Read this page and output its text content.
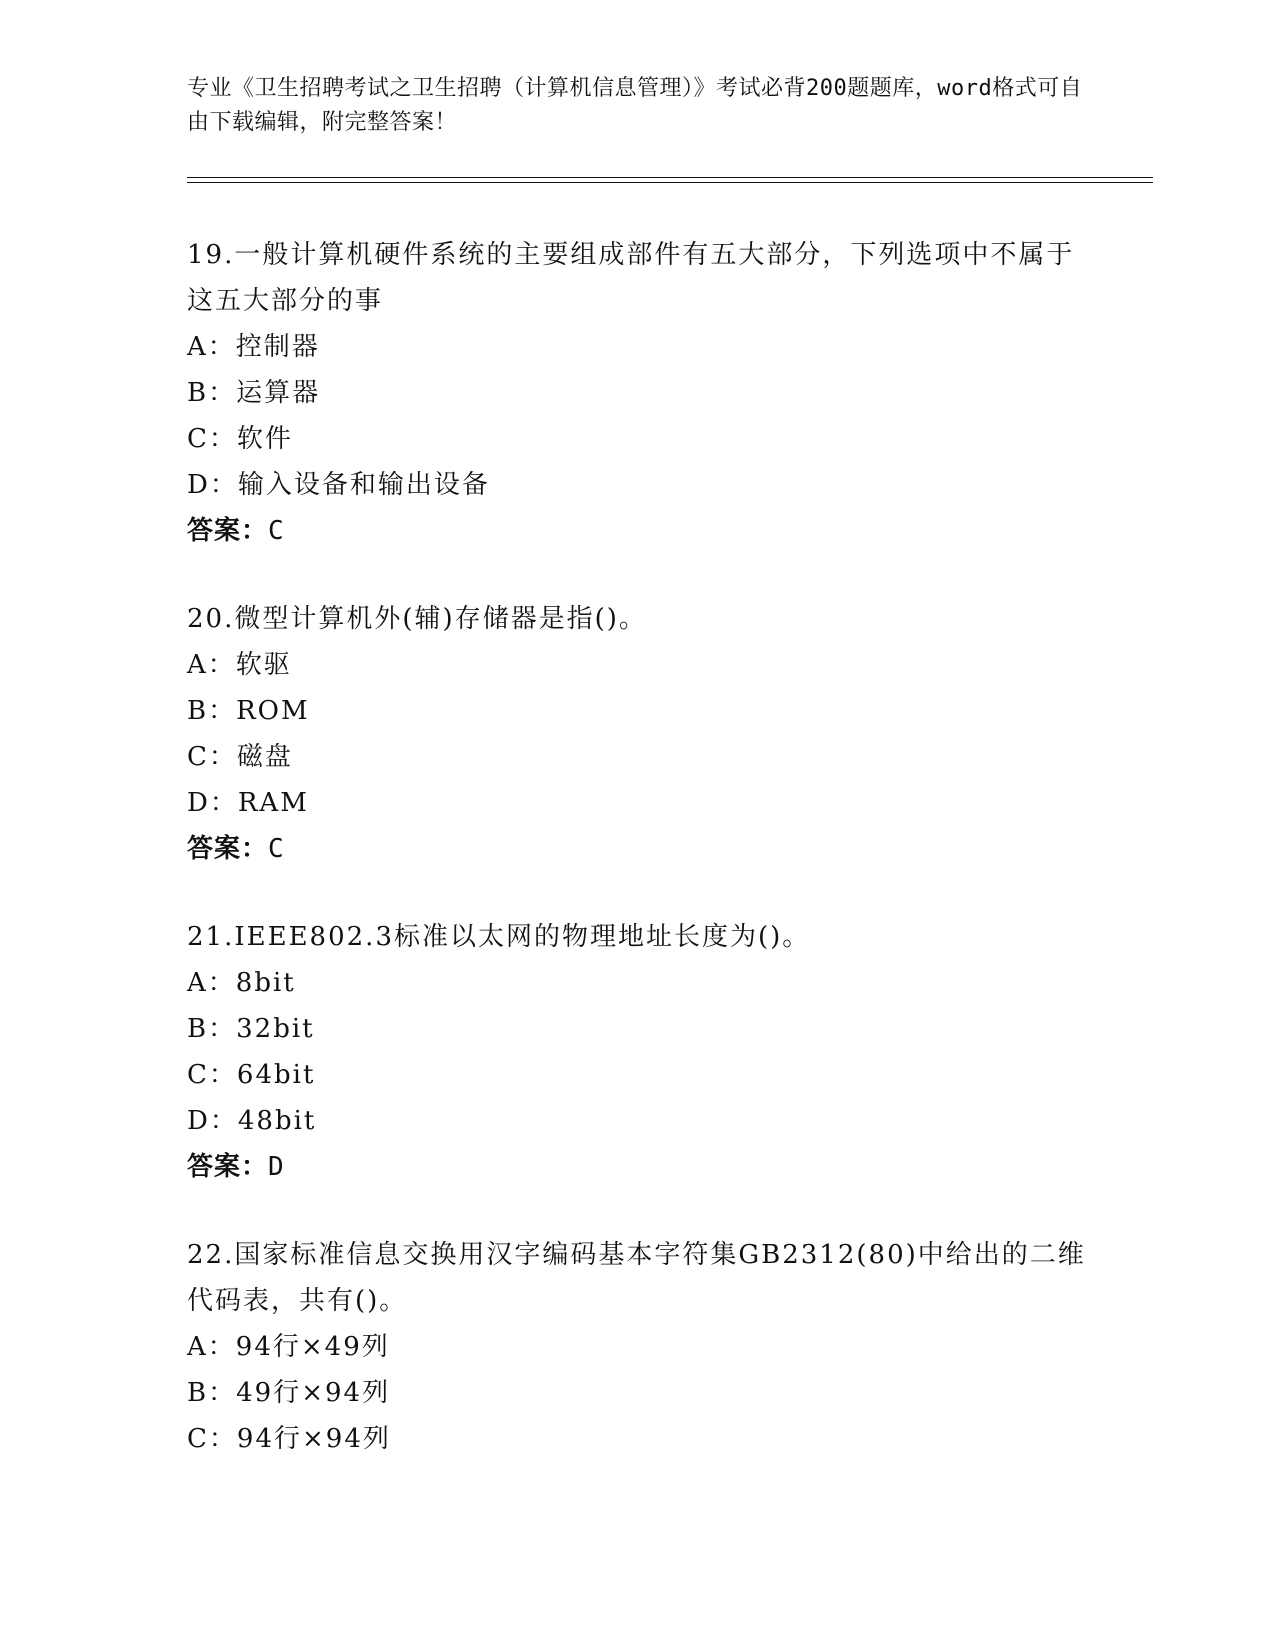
专业《卫生招聘考试之卫生招聘（计算机信息管理）》考试必背200题题库，word格式可自由下载编辑，附完整答案！
19.一般计算机硬件系统的主要组成部件有五大部分，下列选项中不属于这五大部分的事
A：控制器
B：运算器
C：软件
D：输入设备和输出设备
答案：C
20.微型计算机外(辅)存储器是指()。
A：软驱
B：ROM
C：磁盘
D：RAM
答案：C
21.IEEE802.3标准以太网的物理地址长度为()。
A：8bit
B：32bit
C：64bit
D：48bit
答案：D
22.国家标准信息交换用汉字编码基本字符集GB2312(80)中给出的二维代码表，共有()。
A：94行×49列
B：49行×94列
C：94行×94列
